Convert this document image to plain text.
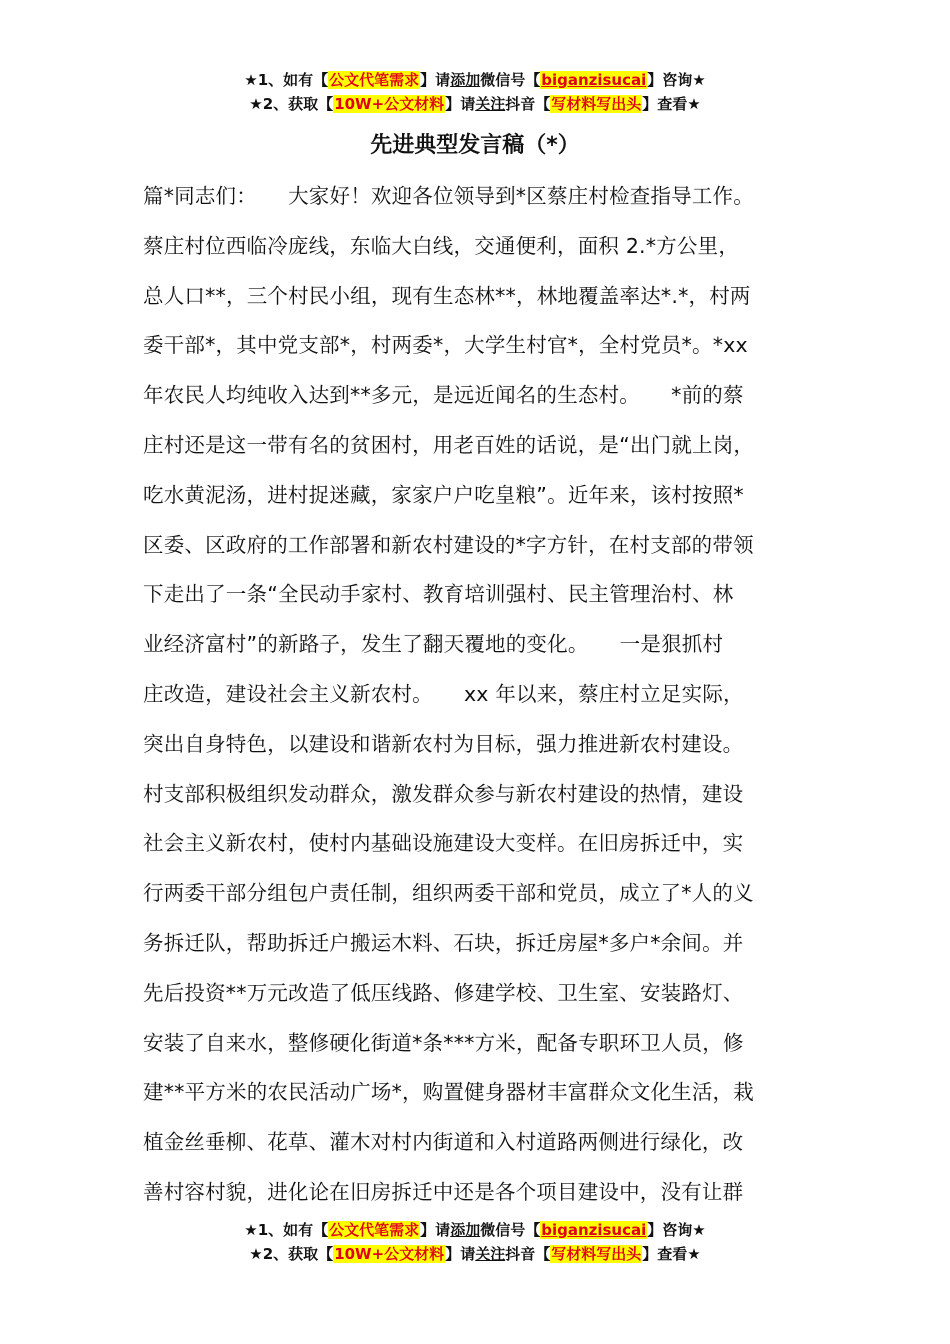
★1、如有【公文代笔需求】请添加微信号【biganzisucai】咨询★
★2、获取【10W+公文材料】请关注抖音【写材料写出头】查看★
先进典型发言稿（*）
篇*同志们：　　大家好！欢迎各位领导到*区蔡庄村检查指导工作。
蔡庄村位西临冷庞线，东临大白线，交通便利，面积 2.*方公里，
总人口**，三个村民小组，现有生态林**，林地覆盖率达*.*，村两
委干部*，其中党支部*，村两委*，大学生村官*，全村党员*。*xx
年农民人均纯收入达到**多元，是远近闻名的生态村。　　*前的蔡
庄村还是这一带有名的贫困村，用老百姓的话说，是“出门就上岗，
吃水黄泥汤，进村捉迷藏，家家户户吃皇粮”。近年来，该村按照*
区委、区政府的工作部署和新农村建设的*字方针，在村支部的带领
下走出了一条“全民动手家村、教育培训强村、民主管理治村、林
业经济富村”的新路子，发生了翻天覆地的变化。　　一是狠抓村
庄改造，建设社会主义新农村。　　xx 年以来，蔡庄村立足实际，
突出自身特色，以建设和谐新农村为目标，强力推进新农村建设。
村支部积极组织发动群众，激发群众参与新农村建设的热情，建设
社会主义新农村，使村内基础设施建设大变样。在旧房拆迁中，实
行两委干部分组包户责任制，组织两委干部和党员，成立了*人的义
务拆迁队，帮助拆迁户搬运木料、石块，拆迁房屋*多户*余间。并
先后投资**万元改造了低压线路、修建学校、卫生室、安装路灯、
安装了自来水，整修硬化街道*条***方米，配备专职环卫人员，修
建**平方米的农民活动广场*，购置健身器材丰富群众文化生活，栽
植金丝垂柳、花草、灌木对村内街道和入村道路两侧进行绿化，改
善村容村貌，进化论在旧房拆迁中还是各个项目建设中，没有让群
★1、如有【公文代笔需求】请添加微信号【biganzisucai】咨询★
★2、获取【10W+公文材料】请关注抖音【写材料写出头】查看★
